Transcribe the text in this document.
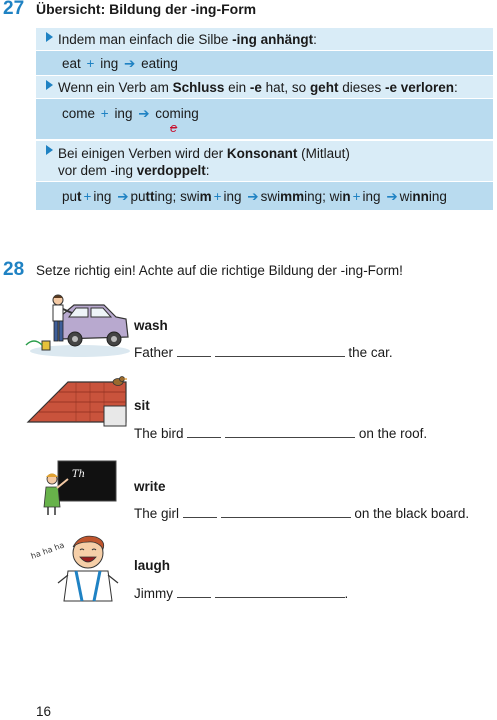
27 Übersicht: Bildung der -ing-Form
Indem man einfach die Silbe -ing anhängt:
eat + ing ➔ eating
Wenn ein Verb am Schluss ein -e hat, so geht dieses -e verloren:
come + ing ➔ coming
e
Bei einigen Verben wird der Konsonant (Mitlaut)
vor dem -ing verdoppelt:
put + ing ➔ putting; swim + ing ➔ swimming; win + ing ➔ winning
28 Setze richtig ein! Achte auf die richtige Bildung der -ing-Form!
wash
Father	the car.
sit
The bird	on the roof.
Th
write
The girl	on the black board.
ha ha ha
laugh
Jimmy	.
16
